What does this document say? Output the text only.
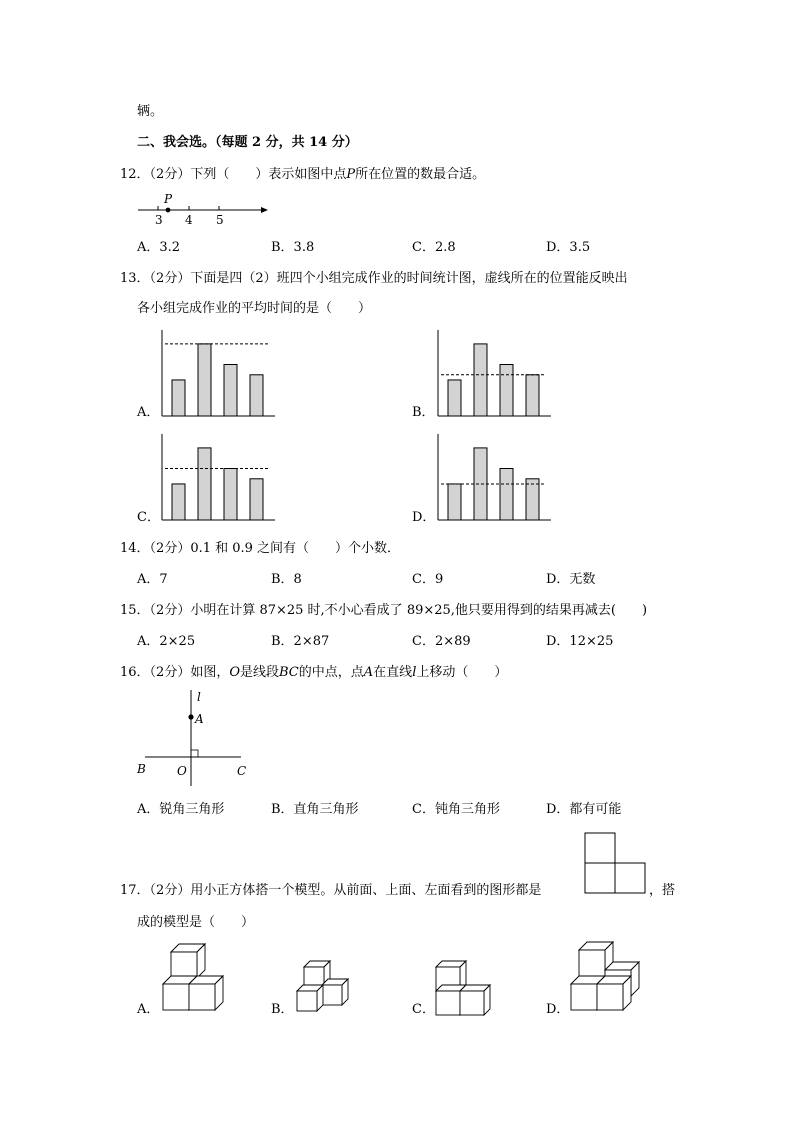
辆。
二、我会选。（每题 2 分，共 14 分）
12．（2分）下列（　　）表示如图中点P所在位置的数最合适。
P
3 4 5
A．3.2	B．3.8	C．2.8	D．3.5
13．（2分）下面是四（2）班四个小组完成作业的时间统计图，虚线所在的位置能反映出
各小组完成作业的平均时间的是（　　）
A．	B．
C．	D．
14．（2分）0.1 和 0.9 之间有（　　）个小数．
A．7	B．8	C．9	D．无数
15．（2分）小明在计算 87×25 时,不小心看成了 89×25,他只要用得到的结果再减去(　　)
A．2×25	B．2×87	C．2×89	D．12×25
16．（2分）如图，O是线段BC的中点，点A在直线l上移动（　　）
l
A
B	O	C
A．锐角三角形	B．直角三角形	C．钝角三角形	D．都有可能
17．（2分）用小正方体搭一个模型。从前面、上面、左面看到的图形都是	，搭
成的模型是（　　）
A．	B．	C．	D．
